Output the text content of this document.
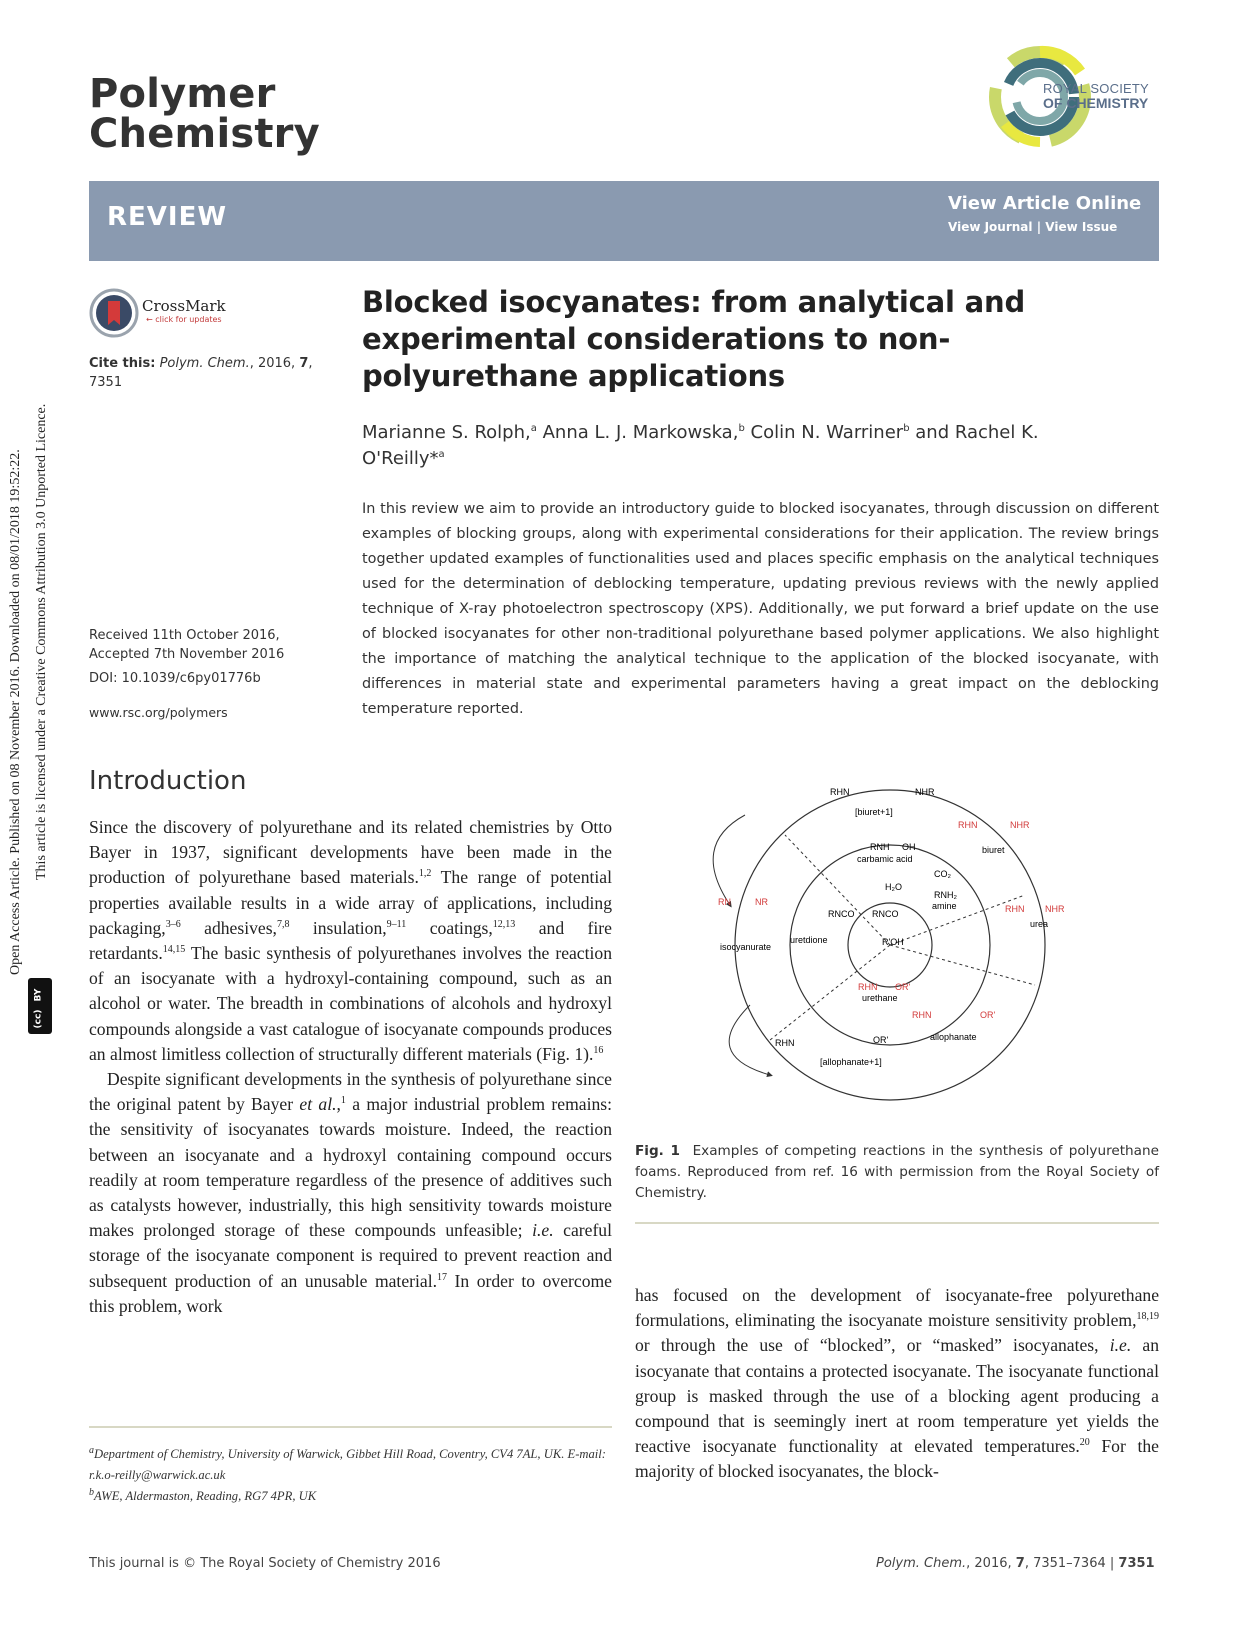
Polymer
Chemistry
ROYAL SOCIETY
OF CHEMISTRY
REVIEW	View Article Online
View Journal | View Issue
CrossMark
← click for updates
Cite this: Polym. Chem., 2016, 7, 7351
Received 11th October 2016,
Accepted 7th November 2016
DOI: 10.1039/c6py01776b
www.rsc.org/polymers
Blocked isocyanates: from analytical and experimental considerations to non-polyurethane applications
Marianne S. Rolph,$^a$ Anna L. J. Markowska,$^b$ Colin N. Warriner$^b$ and Rachel K. O'Reilly*$^a$
In this review we aim to provide an introductory guide to blocked isocyanates, through discussion on different examples of blocking groups, along with experimental considerations for their application. The review brings together updated examples of functionalities used and places specific emphasis on the analytical techniques used for the determination of deblocking temperature, updating previous reviews with the newly applied technique of X-ray photoelectron spectroscopy (XPS). Additionally, we put forward a brief update on the use of blocked isocyanates for other non-traditional polyurethane based polymer applications. We also highlight the importance of matching the analytical technique to the application of the blocked isocyanate, with differences in material state and experimental parameters having a great impact on the deblocking temperature reported.
Open Access Article. Published on 08 November 2016. Downloaded on 08/01/2018 19:52:22. This article is licensed under a Creative Commons Attribution 3.0 Unported Licence.
(cc)
BY
Introduction

Since the discovery of polyurethane and its related chemistries by Otto Bayer in 1937, significant developments have been made in the production of polyurethane based materials.$^{1,2}$ The range of potential properties available results in a wide array of applications, including packaging,$^{3-6}$ adhesives,$^{7,8}$ insulation,$^{9-11}$ coatings,$^{12,13}$ and fire retardants.$^{14,15}$ The basic synthesis of polyurethanes involves the reaction of an isocyanate with a hydroxyl-containing compound, such as an alcohol or water. The breadth in combinations of alcohols and hydroxyl compounds alongside a vast catalogue of isocyanate compounds produces an almost limitless collection of structurally different materials (Fig. 1).$^{16}$

Despite significant developments in the synthesis of polyurethane since the original patent by Bayer et al.,$^1$ a major industrial problem remains: the sensitivity of isocyanates towards moisture. Indeed, the reaction between an isocyanate and a hydroxyl containing compound occurs readily at room temperature regardless of the presence of additives such as catalysts however, industrially, this high sensitivity towards moisture makes prolonged storage of these compounds unfeasible; i.e. careful storage of the isocyanate component is required to prevent reaction and subsequent production of an unusable material.$^{17}$ In order to overcome this problem, work

has focused on the development of isocyanate-free polyurethane formulations, eliminating the isocyanate moisture sensitivity problem,$^{18,19}$ or through the use of “blocked”, or “masked” isocyanates, i.e. an isocyanate that contains a protected isocyanate. The isocyanate functional group is masked through the use of a blocking agent producing a compound that is seemingly inert at room temperature yet yields the reactive isocyanate functionality at elevated temperatures.$^{20}$ For the majority of blocked isocyanates, the block-

RHN	NHR
[biuret+1]
RHN	NHR
biuret
RNH OH
carbamic acid
CO₂
H₂O
RNH₂
amine	RHN NHR
urea
RN	NR
isocyanurate
uretdione
RNCO RNCO
R'OH
RHN OR'
urethane
RHN	OR'
allophanate
RHN	OR'
[allophanate+1]
Fig. 1 Examples of competing reactions in the synthesis of polyurethane foams. Reproduced from ref. 16 with permission from the Royal Society of Chemistry.
$^a$Department of Chemistry, University of Warwick, Gibbet Hill Road, Coventry, CV4 7AL, UK. E-mail: r.k.o-reilly@warwick.ac.uk
$^b$AWE, Aldermaston, Reading, RG7 4PR, UK
This journal is © The Royal Society of Chemistry 2016	Polym. Chem., 2016, 7, 7351–7364 | 7351
